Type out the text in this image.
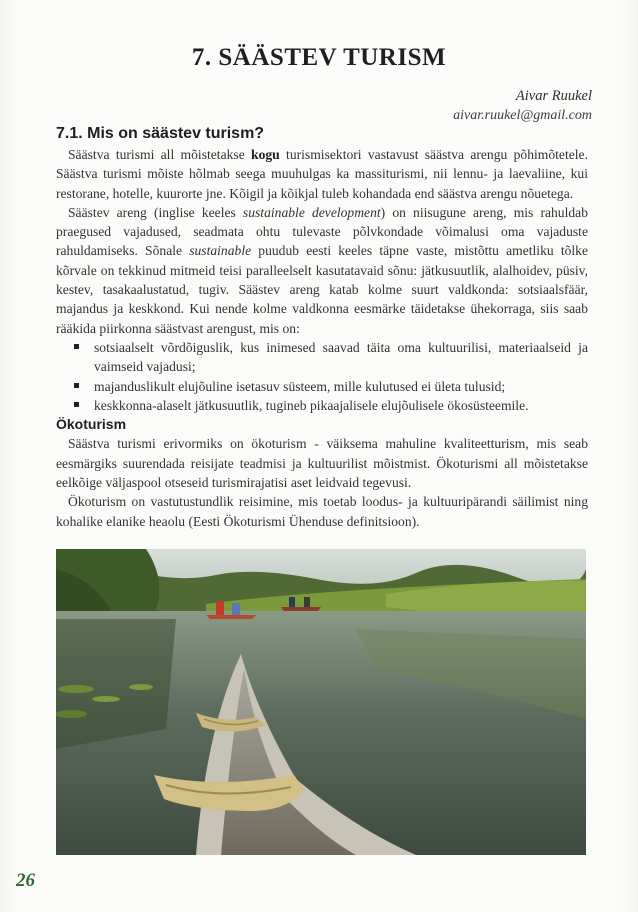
7. SÄÄSTEV TURISM
Aivar Ruukel
aivar.ruukel@gmail.com
7.1. Mis on säästev turism?

Säästva turismi all mõistetakse kogu turismisektori vastavust säästva arengu põhimõtetele. Säästva turismi mõiste hõlmab seega muuhulgas ka massiturismi, nii lennu- ja laevaliine, kui restorane, hotelle, kuurorte jne. Kõigil ja kõikjal tuleb kohandada end säästva arengu nõuetega.

Säästev areng (inglise keeles sustainable development) on niisugune areng, mis rahuldab praegused vajadused, seadmata ohtu tulevaste põlvkondade võimalusi oma vajaduste rahuldamiseks. Sõnale sustainable puudub eesti keeles täpne vaste, mistõttu ametliku tõlke kõrvale on tekkinud mitmeid teisi paralleelselt kasutatavaid sõnu: jätkusuutlik, alalhoidev, püsiv, kestev, tasakaalustatud, tugiv. Säästev areng katab kolme suurt valdkonda: sotsiaalsfäär, majandus ja keskkond. Kui nende kolme valdkonna eesmärke täidetakse ühekorraga, siis saab rääkida piirkonna säästvast arengust, mis on:

sotsiaalselt võrdõiguslik, kus inimesed saavad täita oma kultuurilisi, materiaalseid ja vaimseid vajadusi;
majanduslikult elujõuline isetasuv süsteem, mille kulutused ei ületa tulusid;
keskkonna-alaselt jätkusuutlik, tugineb pikaajalisele elujõulisele ökosüsteemile.

Ökoturism

Säästva turismi erivormiks on ökoturism - väiksema mahuline kvaliteetturism, mis seab eesmärgiks suurendada reisijate teadmisi ja kultuurilist mõistmist. Ökoturismi all mõistetakse eelkõige väljaspool otseseid turismirajatisi aset leidvaid tegevusi.

Ökoturism on vastutustundlik reisimine, mis toetab loodus- ja kultuuripärandi säilimist ning kohalike elanike heaolu (Eesti Ökoturismi Ühenduse definitsioon).

26
